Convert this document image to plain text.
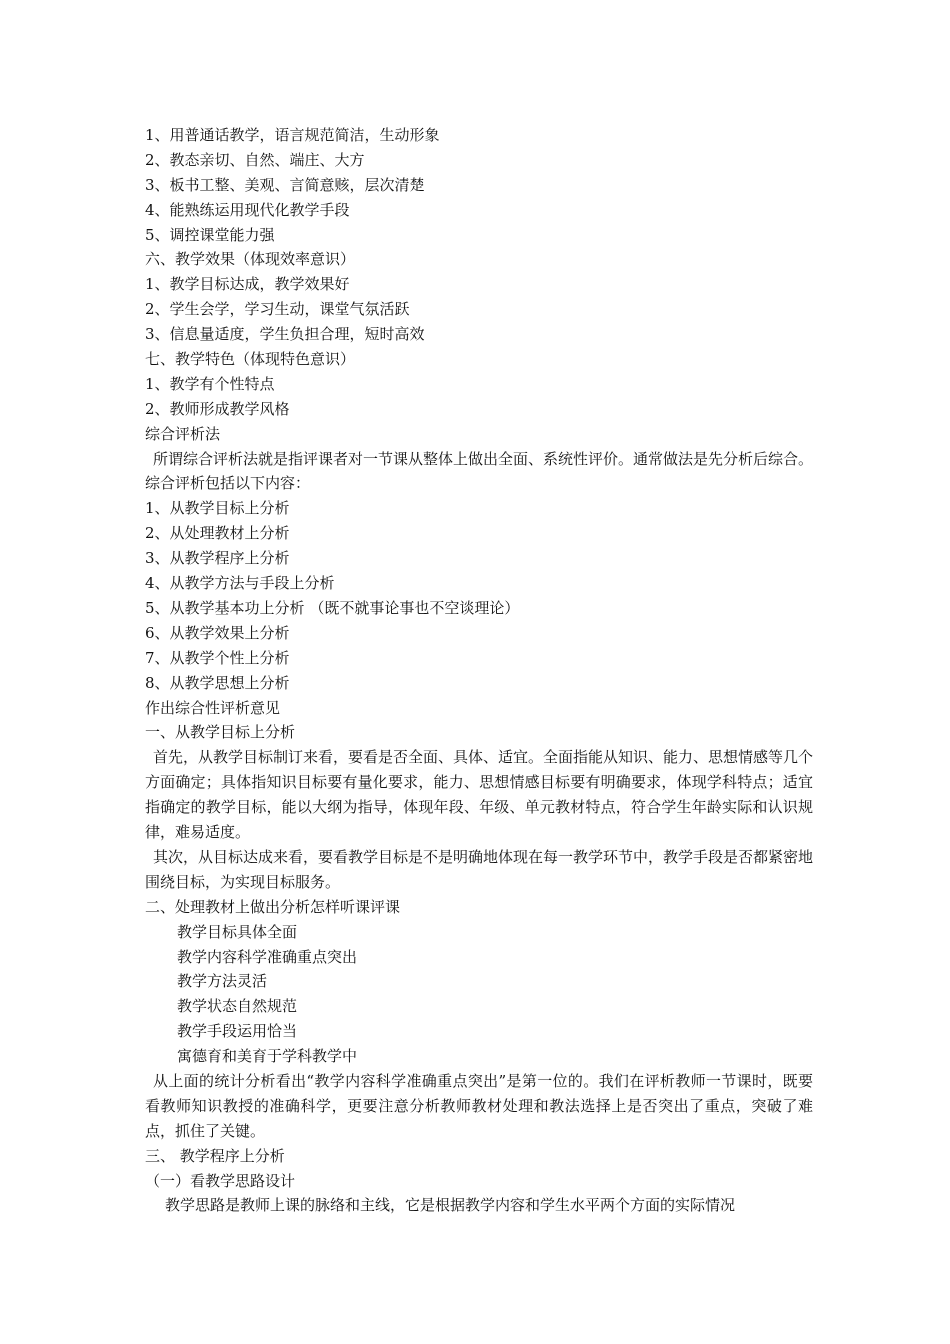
1、用普通话教学，语言规范简洁，生动形象
2、教态亲切、自然、端庄、大方
3、板书工整、美观、言简意赅，层次清楚
4、能熟练运用现代化教学手段
5、调控课堂能力强
六、教学效果（体现效率意识）
1、教学目标达成，教学效果好
2、学生会学，学习生动，课堂气氛活跃
3、信息量适度，学生负担合理，短时高效
七、教学特色（体现特色意识）
1、教学有个性特点
2、教师形成教学风格
综合评析法
所谓综合评析法就是指评课者对一节课从整体上做出全面、系统性评价。通常做法是先分析后综合。综合评析包括以下内容：
1、从教学目标上分析
2、从处理教材上分析
3、从教学程序上分析
4、从教学方法与手段上分析
5、从教学基本功上分析 （既不就事论事也不空谈理论）
6、从教学效果上分析
7、从教学个性上分析
8、从教学思想上分析
作出综合性评析意见
一、从教学目标上分析
首先，从教学目标制订来看，要看是否全面、具体、适宜。全面指能从知识、能力、思想情感等几个方面确定；具体指知识目标要有量化要求，能力、思想情感目标要有明确要求，体现学科特点；适宜指确定的教学目标，能以大纲为指导，体现年段、年级、单元教材特点，符合学生年龄实际和认识规律，难易适度。
其次，从目标达成来看，要看教学目标是不是明确地体现在每一教学环节中，教学手段是否都紧密地围绕目标，为实现目标服务。
二、处理教材上做出分析怎样听课评课
教学目标具体全面
教学内容科学准确重点突出
教学方法灵活
教学状态自然规范
教学手段运用恰当
寓德育和美育于学科教学中
从上面的统计分析看出“教学内容科学准确重点突出”是第一位的。我们在评析教师一节课时，既要看教师知识教授的准确科学，更要注意分析教师教材处理和教法选择上是否突出了重点，突破了难点，抓住了关键。
三、 教学程序上分析
（一）看教学思路设计
教学思路是教师上课的脉络和主线，它是根据教学内容和学生水平两个方面的实际情况
